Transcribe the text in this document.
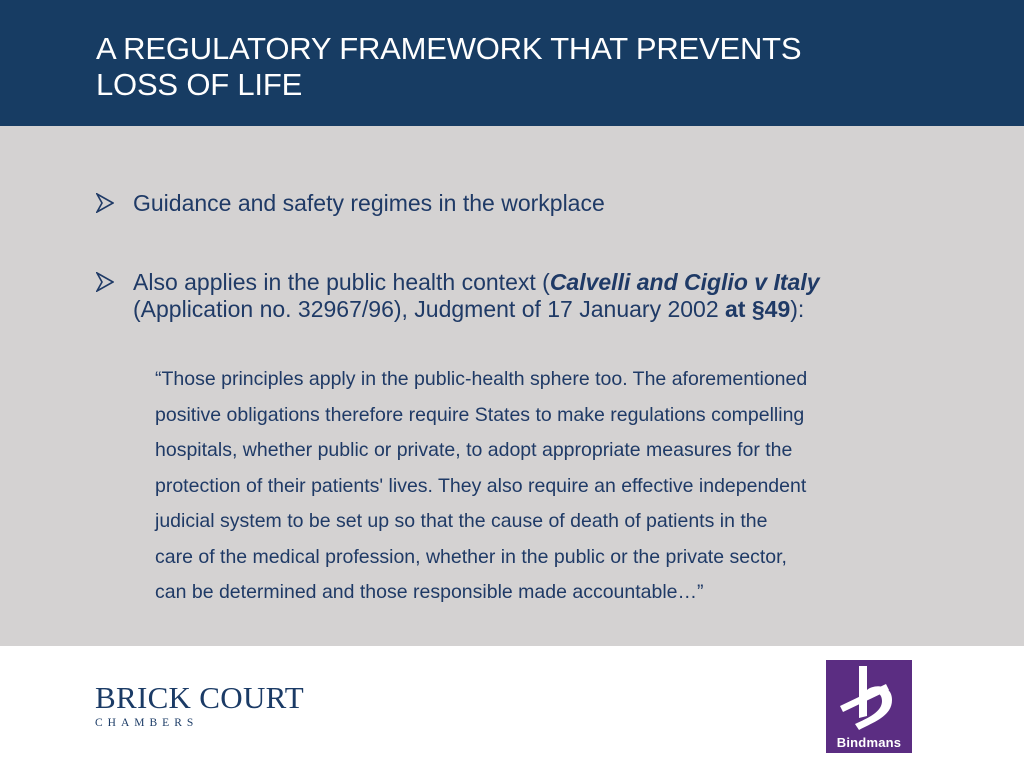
A REGULATORY FRAMEWORK THAT PREVENTS
LOSS OF LIFE
Guidance and safety regimes in the workplace
Also applies in the public health context (Calvelli and Ciglio v Italy
(Application no. 32967/96), Judgment of 17 January 2002 at §49):
“Those principles apply in the public-health sphere too. The aforementioned
positive obligations therefore require States to make regulations compelling
hospitals, whether public or private, to adopt appropriate measures for the
protection of their patients' lives. They also require an effective independent
judicial system to be set up so that the cause of death of patients in the
care of the medical profession, whether in the public or the private sector,
can be determined and those responsible made accountable…”
BRICK COURT
CHAMBERS
Bindmans
